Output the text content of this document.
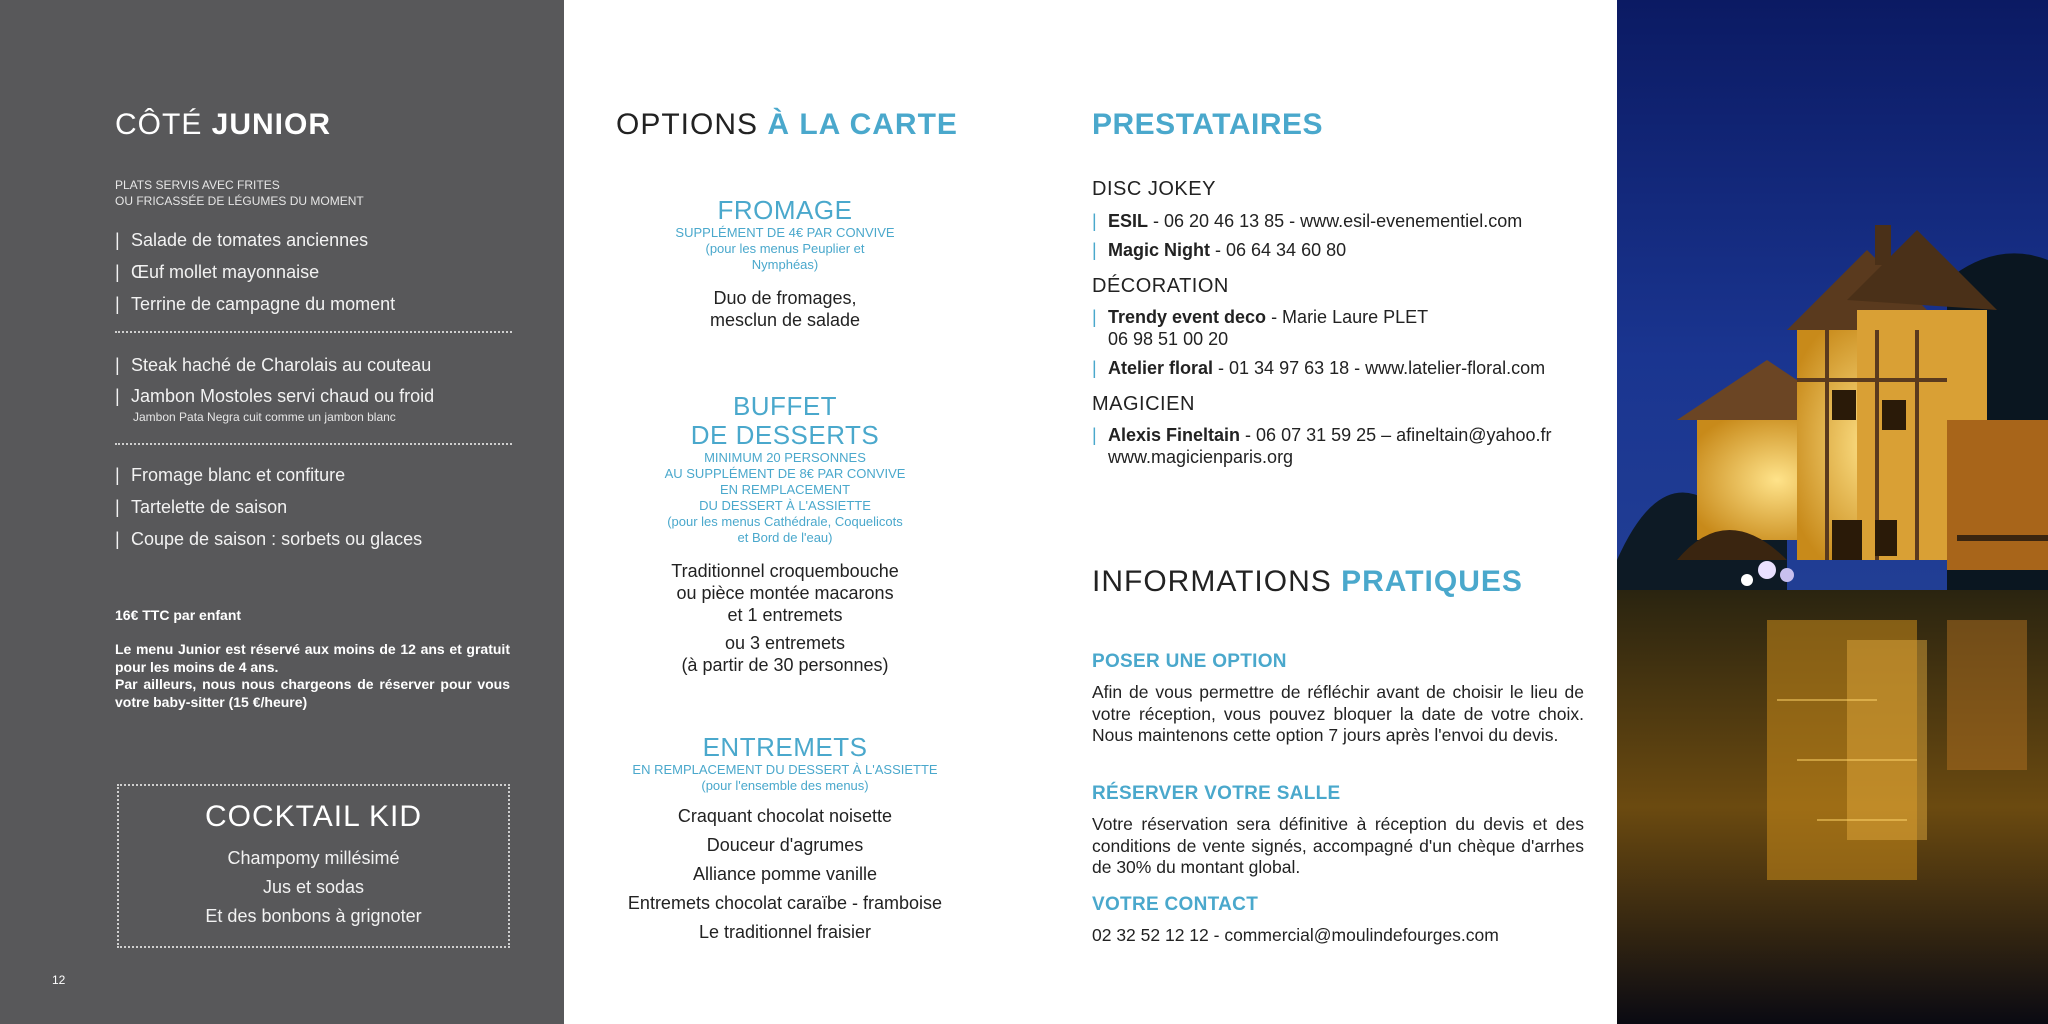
CÔTÉ JUNIOR
PLATS SERVIS AVEC FRITES
OU FRICASSÉE DE LÉGUMES DU MOMENT
| Salade de tomates anciennes
| Œuf mollet mayonnaise
| Terrine de campagne du moment
| Steak haché de Charolais au couteau
| Jambon Mostoles servi chaud ou froid
Jambon Pata Negra cuit comme un jambon blanc
| Fromage blanc et confiture
| Tartelette de saison
| Coupe de saison : sorbets ou glaces
16€ TTC par enfant
Le menu Junior est réservé aux moins de 12 ans et gratuit pour les moins de 4 ans.
Par ailleurs, nous nous chargeons de réserver pour vous votre baby-sitter (15 €/heure)
COCKTAIL KID
Champomy millésimé
Jus et sodas
Et des bonbons à grignoter
12
OPTIONS À LA CARTE
FROMAGE
SUPPLÉMENT DE 4€ PAR CONVIVE
(pour les menus Peuplier et
Nymphéas)
Duo de fromages,
mesclun de salade
BUFFET
DE DESSERTS
MINIMUM 20 PERSONNES
AU SUPPLÉMENT DE 8€ PAR CONVIVE
EN REMPLACEMENT
DU DESSERT À L'ASSIETTE
(pour les menus Cathédrale, Coquelicots
et Bord de l'eau)
Traditionnel croquembouche
ou pièce montée macarons
et 1 entremets
ou 3 entremets
(à partir de 30 personnes)
ENTREMETS
EN REMPLACEMENT DU DESSERT À L'ASSIETTE
(pour l'ensemble des menus)
Craquant chocolat noisette
Douceur d'agrumes
Alliance pomme vanille
Entremets chocolat caraïbe - framboise
Le traditionnel fraisier
PRESTATAIRES
DISC JOKEY
| ESIL - 06 20 46 13 85 - www.esil-evenementiel.com
| Magic Night - 06 64 34 60 80
DÉCORATION
| Trendy event deco - Marie Laure PLET
06 98 51 00 20
| Atelier floral - 01 34 97 63 18 - www.latelier-floral.com
MAGICIEN
| Alexis Fineltain - 06 07 31 59 25 – afineltain@yahoo.fr
www.magicienparis.org
INFORMATIONS PRATIQUES
POSER UNE OPTION
Afin de vous permettre de réfléchir avant de choisir le lieu de votre réception, vous pouvez bloquer la date de votre choix. Nous maintenons cette option 7 jours après l'envoi du devis.
RÉSERVER VOTRE SALLE
Votre réservation sera définitive à réception du devis et des conditions de vente signés, accompagné d'un chèque d'arrhes de 30% du montant global.
VOTRE CONTACT
02 32 52 12 12 - commercial@moulindefourges.com
